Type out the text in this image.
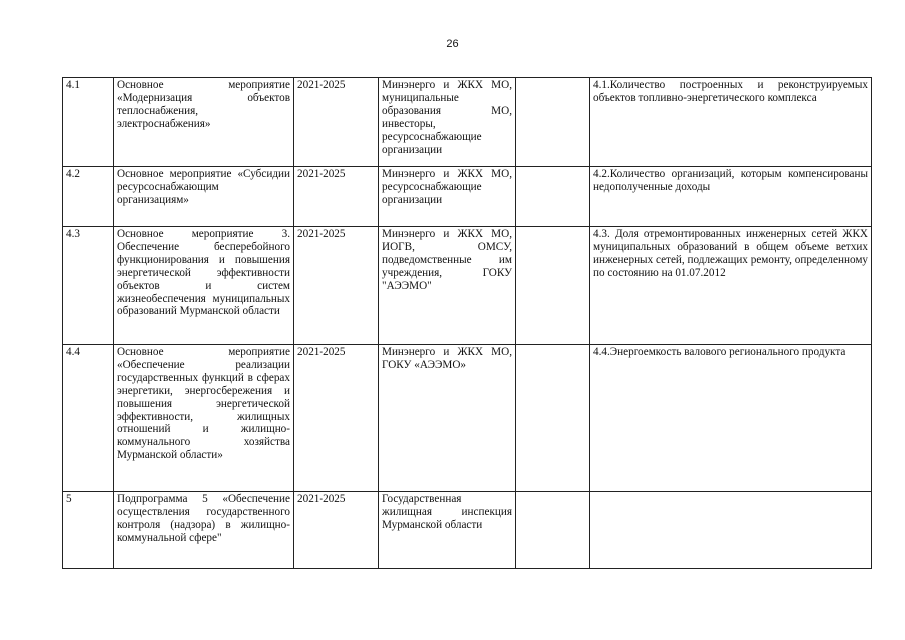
26
4.1	Основное мероприятие «Модернизация объектов теплоснабжения, электроснабжения»	2021-2025	Минэнерго и ЖКХ МО, муниципальные образования МО, инвесторы, ресурсоснабжающие организации		4.1.Количество построенных и реконструируемых объектов топливно-энергетического комплекса
4.2	Основное мероприятие «Субсидии ресурсоснабжающим организациям»	2021-2025	Минэнерго и ЖКХ МО, ресурсоснабжающие организации		4.2.Количество организаций, которым компенсированы недополученные доходы
4.3	Основное мероприятие 3. Обеспечение бесперебойного функционирования и повышения энергетической эффективности объектов и систем жизнеобеспечения муниципальных образований Мурманской области	2021-2025	Минэнерго и ЖКХ МО, ИОГВ, ОМСУ, подведомственные им учреждения, ГОКУ "АЭЭМО"		4.3. Доля отремонтированных инженерных сетей ЖКХ муниципальных образований в общем объеме ветхих инженерных сетей, подлежащих ремонту, определенному по состоянию на 01.07.2012
4.4	Основное мероприятие «Обеспечение реализации государственных функций в сферах энергетики, энергосбережения и повышения энергетической эффективности, жилищных отношений и жилищно-коммунального хозяйства Мурманской области»	2021-2025	Минэнерго и ЖКХ МО, ГОКУ «АЭЭМО»		4.4.Энергоемкость валового регионального продукта
5	Подпрограмма 5 «Обеспечение осуществления государственного контроля (надзора) в жилищно-коммунальной сфере"	2021-2025	Государственная жилищная инспекция Мурманской области		
